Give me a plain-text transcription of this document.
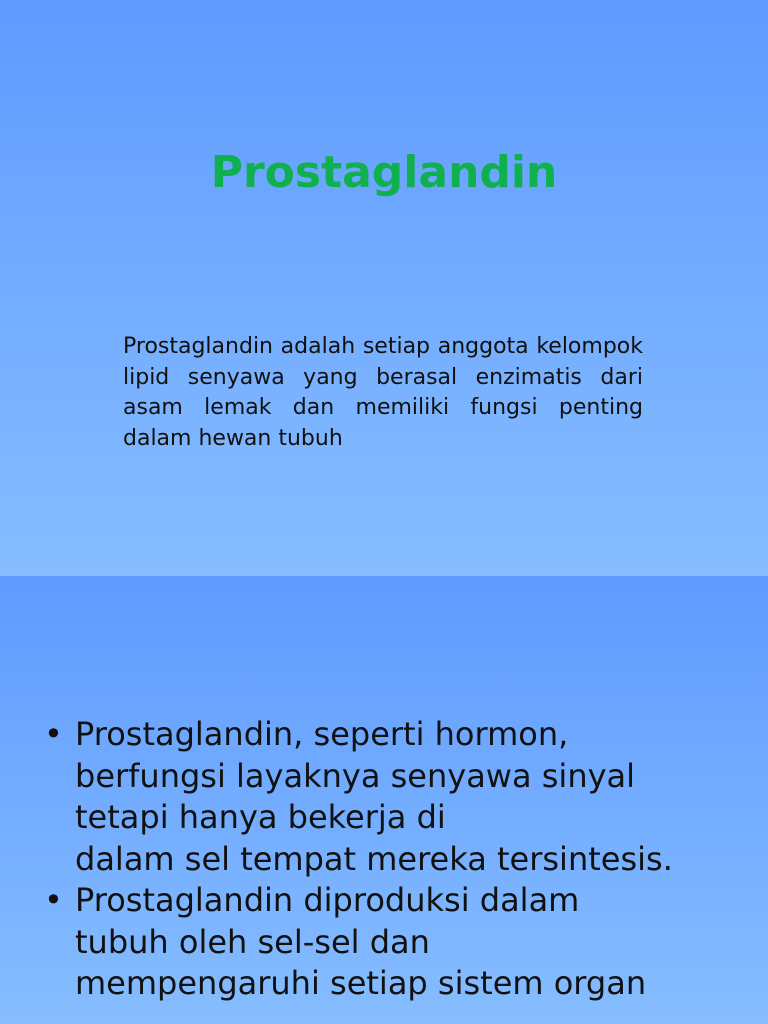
Prostaglandin
Prostaglandin adalah setiap anggota kelompok lipid senyawa yang berasal enzimatis dari asam lemak dan memiliki fungsi penting dalam hewan tubuh
• Prostaglandin, seperti hormon,
berfungsi layaknya senyawa sinyal
tetapi hanya bekerja di
dalam sel tempat mereka tersintesis.
• Prostaglandin diproduksi dalam
tubuh oleh sel-sel dan
mempengaruhi setiap sistem organ
